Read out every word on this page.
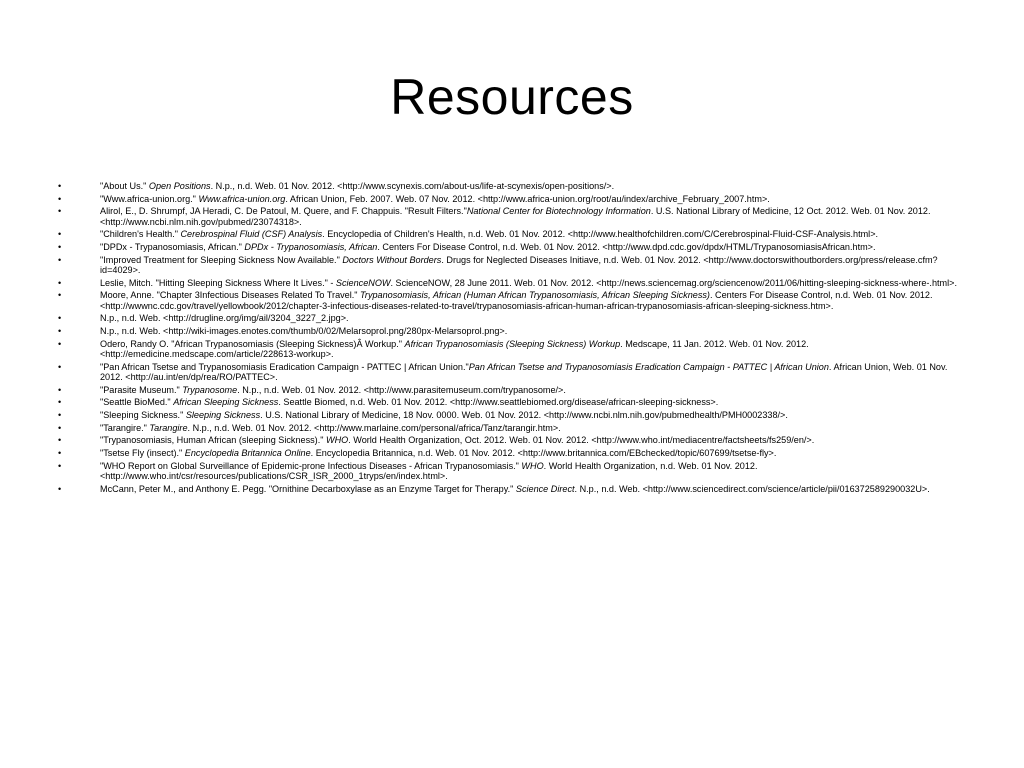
Resources
•	"About Us." Open Positions. N.p., n.d. Web. 01 Nov. 2012. <http://www.scynexis.com/about-us/life-at-scynexis/open-positions/>.
•	"Www.africa-union.org." Www.africa-union.org. African Union, Feb. 2007. Web. 07 Nov. 2012. <http://www.africa-union.org/root/au/index/archive_February_2007.htm>.
•	Alirol, E., D. Shrumpf, JA Heradi, C. De Patoul, M. Quere, and F. Chappuis. "Result Filters."National Center for Biotechnology Information. U.S. National Library of Medicine, 12 Oct. 2012. Web. 01 Nov. 2012. <http://www.ncbi.nlm.nih.gov/pubmed/23074318>.
•	"Children's Health." Cerebrospinal Fluid (CSF) Analysis. Encyclopedia of Children's Health, n.d. Web. 01 Nov. 2012. <http://www.healthofchildren.com/C/Cerebrospinal-Fluid-CSF-Analysis.html>.
•	"DPDx - Trypanosomiasis, African." DPDx - Trypanosomiasis, African. Centers For Disease Control, n.d. Web. 01 Nov. 2012. <http://www.dpd.cdc.gov/dpdx/HTML/TrypanosomiasisAfrican.htm>.
•	"Improved Treatment for Sleeping Sickness Now Available." Doctors Without Borders. Drugs for Neglected Diseases Initiave, n.d. Web. 01 Nov. 2012. <http://www.doctorswithoutborders.org/press/release.cfm?id=4029>.
•	Leslie, Mitch. "Hitting Sleeping Sickness Where It Lives." - ScienceNOW. ScienceNOW, 28 June 2011. Web. 01 Nov. 2012. <http://news.sciencemag.org/sciencenow/2011/06/hitting-sleeping-sickness-where-.html>.
•	Moore, Anne. "Chapter 3Infectious Diseases Related To Travel." Trypanosomiasis, African (Human African Trypanosomiasis, African Sleeping Sickness). Centers For Disease Control, n.d. Web. 01 Nov. 2012. <http://wwwnc.cdc.gov/travel/yellowbook/2012/chapter-3-infectious-diseases-related-to-travel/trypanosomiasis-african-human-african-trypanosomiasis-african-sleeping-sickness.htm>.
•	N.p., n.d. Web. <http://drugline.org/img/ail/3204_3227_2.jpg>.
•	N.p., n.d. Web. <http://wiki-images.enotes.com/thumb/0/02/Melarsoprol.png/280px-Melarsoprol.png>.
•	Odero, Randy O. "African Trypanosomiasis (Sleeping Sickness)Â Workup." African Trypanosomiasis (Sleeping Sickness) Workup. Medscape, 11 Jan. 2012. Web. 01 Nov. 2012. <http://emedicine.medscape.com/article/228613-workup>.
•	"Pan African Tsetse and Trypanosomiasis Eradication Campaign - PATTEC | African Union."Pan African Tsetse and Trypanosomiasis Eradication Campaign - PATTEC | African Union. African Union, Web. 01 Nov. 2012. <http://au.int/en/dp/rea/RO/PATTEC>.
•	"Parasite Museum." Trypanosome. N.p., n.d. Web. 01 Nov. 2012. <http://www.parasitemuseum.com/trypanosome/>.
•	"Seattle BioMed." African Sleeping Sickness. Seattle Biomed, n.d. Web. 01 Nov. 2012. <http://www.seattlebiomed.org/disease/african-sleeping-sickness>.
•	"Sleeping Sickness." Sleeping Sickness. U.S. National Library of Medicine, 18 Nov. 0000. Web. 01 Nov. 2012. <http://www.ncbi.nlm.nih.gov/pubmedhealth/PMH0002338/>.
•	"Tarangire." Tarangire. N.p., n.d. Web. 01 Nov. 2012. <http://www.marlaine.com/personal/africa/Tanz/tarangir.htm>.
•	"Trypanosomiasis, Human African (sleeping Sickness)." WHO. World Health Organization, Oct. 2012. Web. 01 Nov. 2012. <http://www.who.int/mediacentre/factsheets/fs259/en/>.
•	"Tsetse Fly (insect)." Encyclopedia Britannica Online. Encyclopedia Britannica, n.d. Web. 01 Nov. 2012. <http://www.britannica.com/EBchecked/topic/607699/tsetse-fly>.
•	"WHO Report on Global Surveillance of Epidemic-prone Infectious Diseases - African Trypanosomiasis." WHO. World Health Organization, n.d. Web. 01 Nov. 2012. <http://www.who.int/csr/resources/publications/CSR_ISR_2000_1tryps/en/index.html>.
•	McCann, Peter M., and Anthony E. Pegg. "Ornithine Decarboxylase as an Enzyme Target for Therapy." Science Direct. N.p., n.d. Web. <http://www.sciencedirect.com/science/article/pii/016372589290032U>.
